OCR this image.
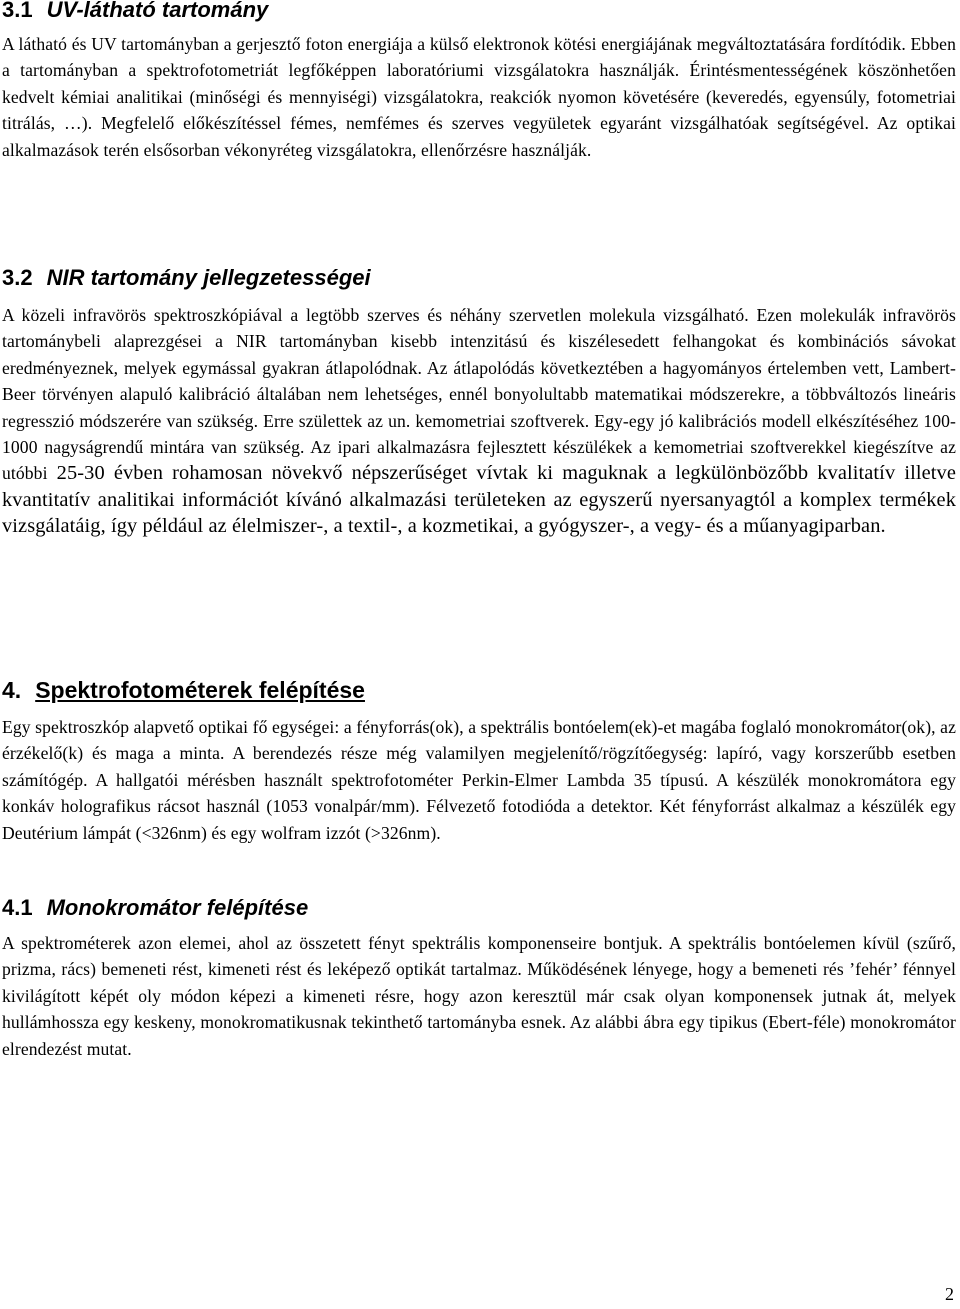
3.1 UV-látható tartomány

A látható és UV tartományban a gerjesztő foton energiája a külső elektronok kötési energiájának megváltoztatására fordítódik. Ebben a tartományban a spektrofotometriát legfőképpen laboratóriumi vizsgálatokra használják. Érintésmentességének köszönhetően kedvelt kémiai analitikai (minőségi és mennyiségi) vizsgálatokra, reakciók nyomon követésére (keveredés, egyensúly, fotometriai titrálás, …). Megfelelő előkészítéssel fémes, nemfémes és szerves vegyületek egyaránt vizsgálhatóak segítségével. Az optikai alkalmazások terén elsősorban vékonyréteg vizsgálatokra, ellenőrzésre használják.

3.2 NIR tartomány jellegzetességei

A közeli infravörös spektroszkópiával a legtöbb szerves és néhány szervetlen molekula vizsgálható. Ezen molekulák infravörös tartománybeli alaprezgései a NIR tartományban kisebb intenzitású és kiszélesedett felhangokat és kombinációs sávokat eredményeznek, melyek egymással gyakran átlapolódnak. Az átlapolódás következtében a hagyományos értelemben vett, Lambert-Beer törvényen alapuló kalibráció általában nem lehetséges, ennél bonyolultabb matematikai módszerekre, a többváltozós lineáris regresszió módszerére van szükség. Erre születtek az un. kemometriai szoftverek. Egy-egy jó kalibrációs modell elkészítéséhez 100-1000 nagyságrendű mintára van szükség. Az ipari alkalmazásra fejlesztett készülékek a kemometriai szoftverekkel kiegészítve az utóbbi 25-30 évben rohamosan növekvő népszerűséget vívtak ki maguknak a legkülönbözőbb kvalitatív illetve kvantitatív analitikai információt kívánó alkalmazási területeken az egyszerű nyersanyagtól a komplex termékek vizsgálatáig, így például az élelmiszer-, a textil-, a kozmetikai, a gyógyszer-, a vegy- és a műanyagiparban.

4. Spektrofotométerek felépítése

Egy spektroszkóp alapvető optikai fő egységei: a fényforrás(ok), a spektrális bontóelem(ek)-et magába foglaló monokromátor(ok), az érzékelő(k) és maga a minta. A berendezés része még valamilyen megjelenítő/rögzítőegység: lapíró, vagy korszerűbb esetben számítógép. A hallgatói mérésben használt spektrofotométer Perkin-Elmer Lambda 35 típusú. A készülék monokromátora egy konkáv holografikus rácsot használ (1053 vonalpár/mm). Félvezető fotodióda a detektor. Két fényforrást alkalmaz a készülék egy Deutérium lámpát (<326nm) és egy wolfram izzót (>326nm).

4.1 Monokromátor felépítése

A spektrométerek azon elemei, ahol az összetett fényt spektrális komponenseire bontjuk. A spektrális bontóelemen kívül (szűrő, prizma, rács) bemeneti rést, kimeneti rést és leképező optikát tartalmaz. Működésének lényege, hogy a bemeneti rés ’fehér’ fénnyel kivilágított képét oly módon képezi a kimeneti résre, hogy azon keresztül már csak olyan komponensek jutnak át, melyek hullámhossza egy keskeny, monokromatikusnak tekinthető tartományba esnek. Az alábbi ábra egy tipikus (Ebert-féle) monokromátor elrendezést mutat.

2
